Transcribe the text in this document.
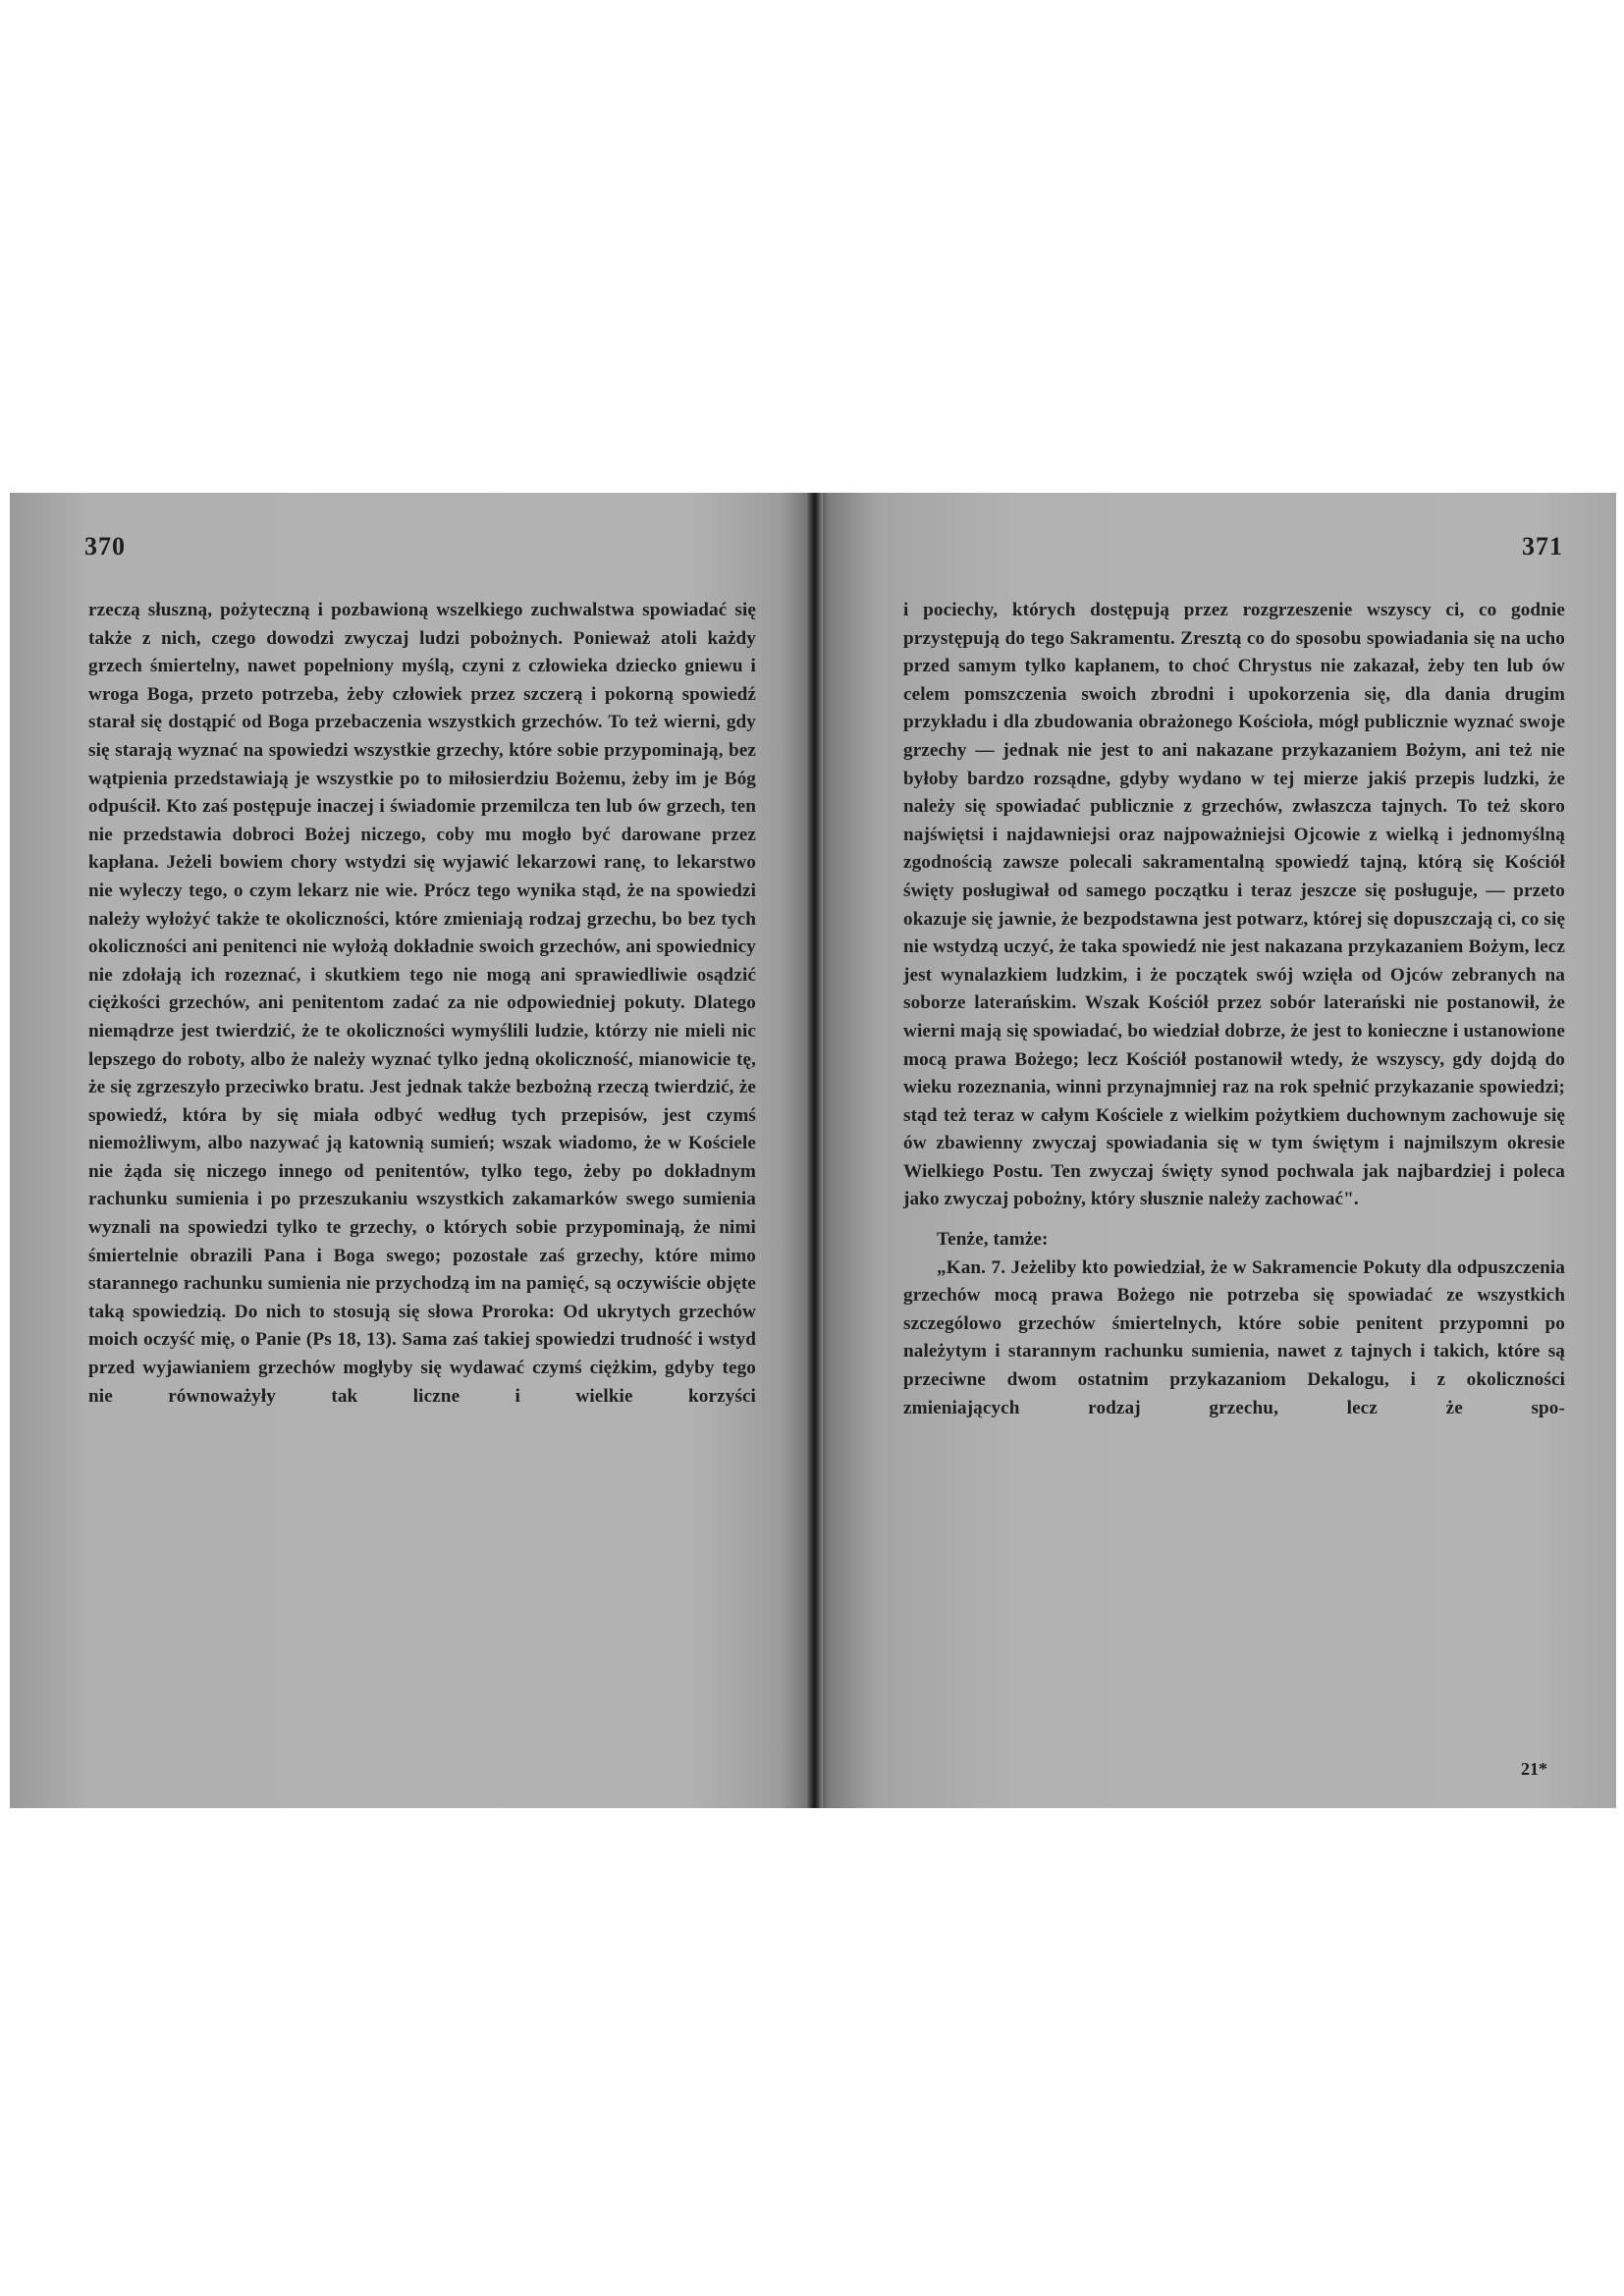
370

rzeczą słuszną, pożyteczną i pozbawioną wszelkiego zuchwalstwa spowiadać się także z nich, czego dowodzi zwyczaj ludzi pobożnych. Ponieważ atoli każdy grzech śmiertelny, nawet popełniony myślą, czyni z człowieka dziecko gniewu i wroga Boga, przeto potrzeba, żeby człowiek przez szczerą i pokorną spowiedź starał się dostąpić od Boga przebaczenia wszystkich grzechów. To też wierni, gdy się starają wyznać na spowiedzi wszystkie grzechy, które sobie przypominają, bez wątpienia przedstawiają je wszystkie po to miłosierdziu Bożemu, żeby im je Bóg odpuścił. Kto zaś postępuje inaczej i świadomie przemilcza ten lub ów grzech, ten nie przedstawia dobroci Bożej niczego, coby mu mogło być darowane przez kapłana. Jeżeli bowiem chory wstydzi się wyjawić lekarzowi ranę, to lekarstwo nie wyleczy tego, o czym lekarz nie wie. Prócz tego wynika stąd, że na spowiedzi należy wyłożyć także te okoliczności, które zmieniają rodzaj grzechu, bo bez tych okoliczności ani penitenci nie wyłożą dokładnie swoich grzechów, ani spowiednicy nie zdołają ich rozeznać, i skutkiem tego nie mogą ani sprawiedliwie osądzić ciężkości grzechów, ani penitentom zadać za nie odpowiedniej pokuty. Dlatego niemądrze jest twierdzić, że te okoliczności wymyślili ludzie, którzy nie mieli nic lepszego do roboty, albo że należy wyznać tylko jedną okoliczność, mianowicie tę, że się zgrzeszyło przeciwko bratu. Jest jednak także bezbożną rzeczą twierdzić, że spowiedź, która by się miała odbyć według tych przepisów, jest czymś niemożliwym, albo nazywać ją katownią sumień; wszak wiadomo, że w Kościele nie żąda się niczego innego od penitentów, tylko tego, żeby po dokładnym rachunku sumienia i po przeszukaniu wszystkich zakamarków swego sumienia wyznali na spowiedzi tylko te grzechy, o których sobie przypominają, że nimi śmiertelnie obrazili Pana i Boga swego; pozostałe zaś grzechy, które mimo starannego rachunku sumienia nie przychodzą im na pamięć, są oczywiście objęte taką spowiedzią. Do nich to stosują się słowa Proroka: Od ukrytych grzechów moich oczyść mię, o Panie (Ps 18, 13). Sama zaś takiej spowiedzi trudność i wstyd przed wyjawianiem grzechów mogłyby się wydawać czymś ciężkim, gdyby tego nie równoważyły tak liczne i wielkie korzyści

371

i pociechy, których dostępują przez rozgrzeszenie wszyscy ci, co godnie przystępują do tego Sakramentu. Zresztą co do sposobu spowiadania się na ucho przed samym tylko kapłanem, to choć Chrystus nie zakazał, żeby ten lub ów celem pomszczenia swoich zbrodni i upokorzenia się, dla dania drugim przykładu i dla zbudowania obrażonego Kościoła, mógł publicznie wyznać swoje grzechy — jednak nie jest to ani nakazane przykazaniem Bożym, ani też nie byłoby bardzo rozsądne, gdyby wydano w tej mierze jakiś przepis ludzki, że należy się spowiadać publicznie z grzechów, zwłaszcza tajnych. To też skoro najświętsi i najdawniejsi oraz najpoważniejsi Ojcowie z wielką i jednomyślną zgodnością zawsze polecali sakramentalną spowiedź tajną, którą się Kościół święty posługiwał od samego początku i teraz jeszcze się posługuje, — przeto okazuje się jawnie, że bezpodstawna jest potwarz, której się dopuszczają ci, co się nie wstydzą uczyć, że taka spowiedź nie jest nakazana przykazaniem Bożym, lecz jest wynalazkiem ludzkim, i że początek swój wzięła od Ojców zebranych na soborze laterańskim. Wszak Kościół przez sobór laterański nie postanowił, że wierni mają się spowiadać, bo wiedział dobrze, że jest to konieczne i ustanowione mocą prawa Bożego; lecz Kościół postanowił wtedy, że wszyscy, gdy dojdą do wieku rozeznania, winni przynajmniej raz na rok spełnić przykazanie spowiedzi; stąd też teraz w całym Kościele z wielkim pożytkiem duchownym zachowuje się ów zbawienny zwyczaj spowiadania się w tym świętym i najmilszym okresie Wielkiego Postu. Ten zwyczaj święty synod pochwala jak najbardziej i poleca jako zwyczaj pobożny, który słusznie należy zachować".

Tenże, tamże:

„Kan. 7. Jeżeliby kto powiedział, że w Sakramencie Pokuty dla odpuszczenia grzechów mocą prawa Bożego nie potrzeba się spowiadać ze wszystkich szczególowo grzechów śmiertelnych, które sobie penitent przypomni po należytym i starannym rachunku sumienia, nawet z tajnych i takich, które są przeciwne dwom ostatnim przykazaniom Dekalogu, i z okoliczności zmieniających rodzaj grzechu, lecz że spo-

21*
